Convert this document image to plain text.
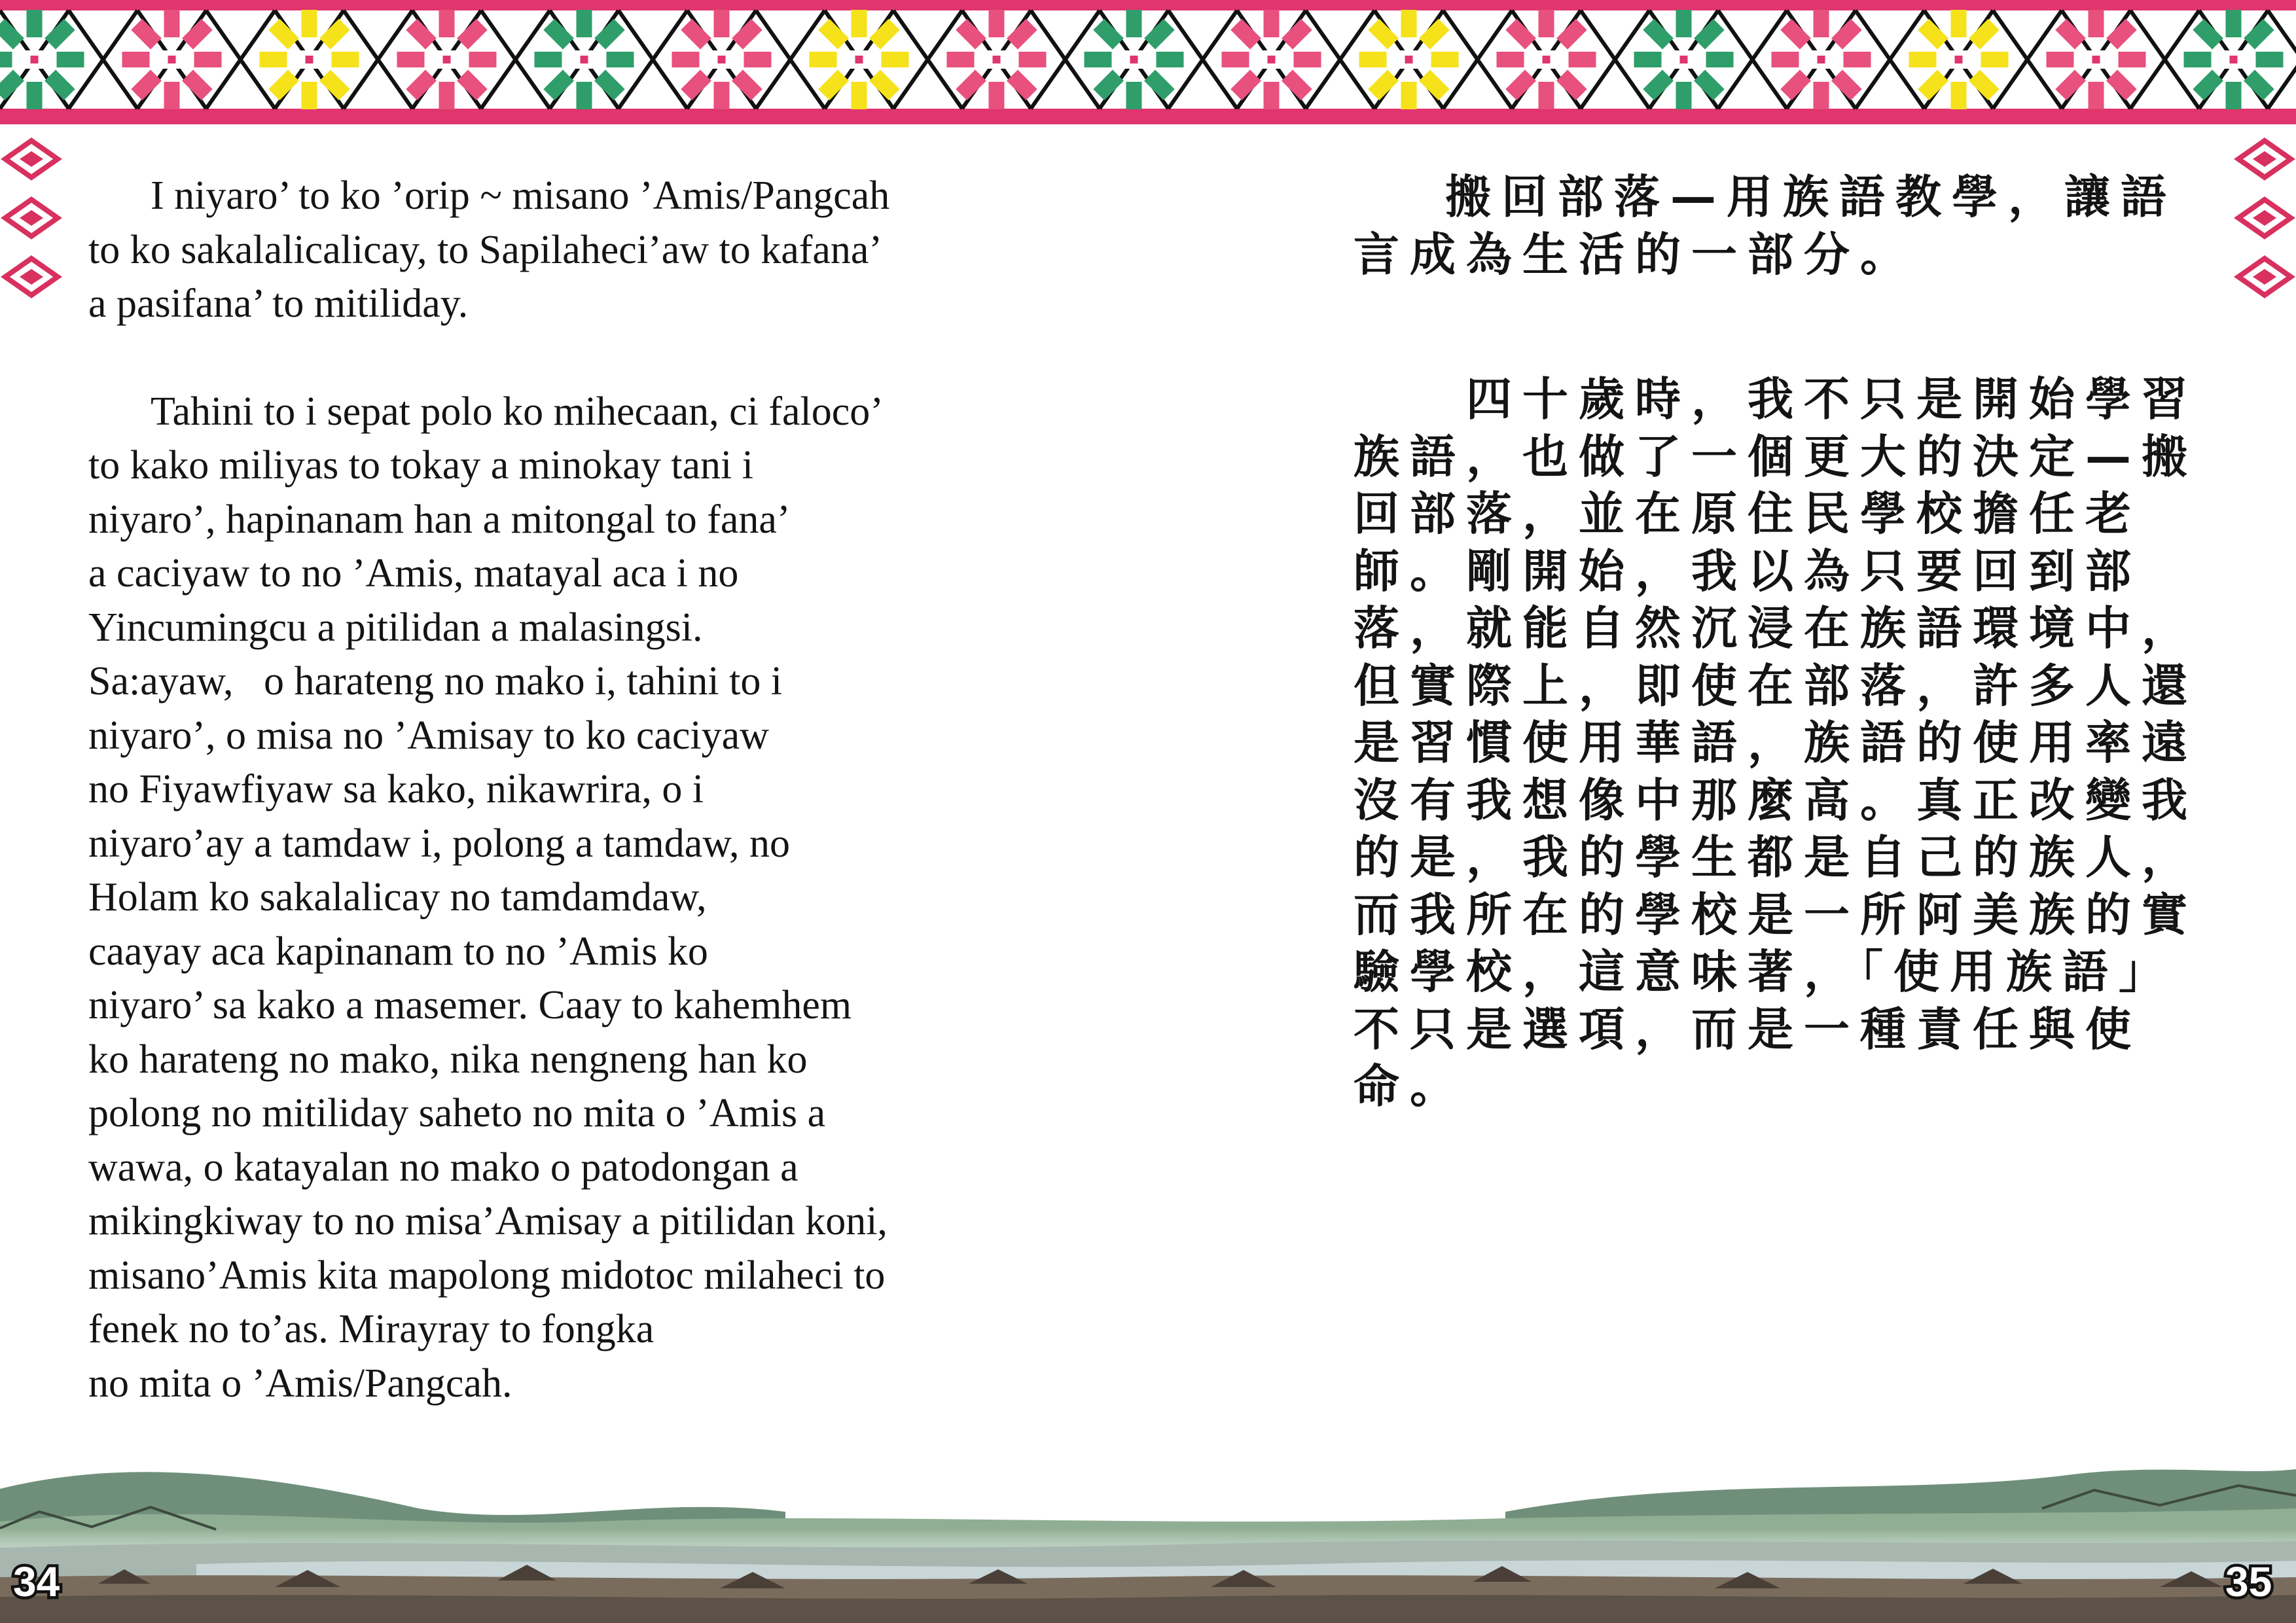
I niyaro’ to ko ’orip ~ misano ’Amis/Pangcah
to ko sakalalicalicay, to Sapilaheci’aw to kafana’
a pasifana’ to mitiliday.

Tahini to i sepat polo ko mihecaan, ci faloco’
to kako miliyas to tokay a minokay tani i
niyaro’, hapinanam han a mitongal to fana’
a caciyaw to no ’Amis, matayal aca i no
Yincumingcu a pitilidan a malasingsi.
Sa:ayaw,   o harateng no mako i, tahini to i
niyaro’, o misa no ’Amisay to ko caciyaw
no Fiyawfiyaw sa kako, nikawrira, o i
niyaro’ay a tamdaw i, polong a tamdaw, no
Holam ko sakalalicay no tamdamdaw,
caayay aca kapinanam to no ’Amis ko
niyaro’ sa kako a masemer. Caay to kahemhem
ko harateng no mako, nika nengneng han ko
polong no mitiliday saheto no mita o ’Amis a
wawa, o katayalan no mako o patodongan a
mikingkiway to no misa’Amisay a pitilidan koni,
misano’Amis kita mapolong midotoc milaheci to
fenek no to’as. Mirayray to fongka
no mita o ’Amis/Pangcah.

搬回部落—用族語教學，讓語
言成為生活的一部分。

四十歲時，我不只是開始學習
族語，也做了一個更大的決定—搬
回部落，並在原住民學校擔任老
師。剛開始，我以為只要回到部
落，就能自然沉浸在族語環境中，
但實際上，即使在部落，許多人還
是習慣使用華語，族語的使用率遠
沒有我想像中那麼高。真正改變我
的是，我的學生都是自己的族人，
而我所在的學校是一所阿美族的實
驗學校，這意味著，「使用族語」
不只是選項，而是一種責任與使
命。

34	35
